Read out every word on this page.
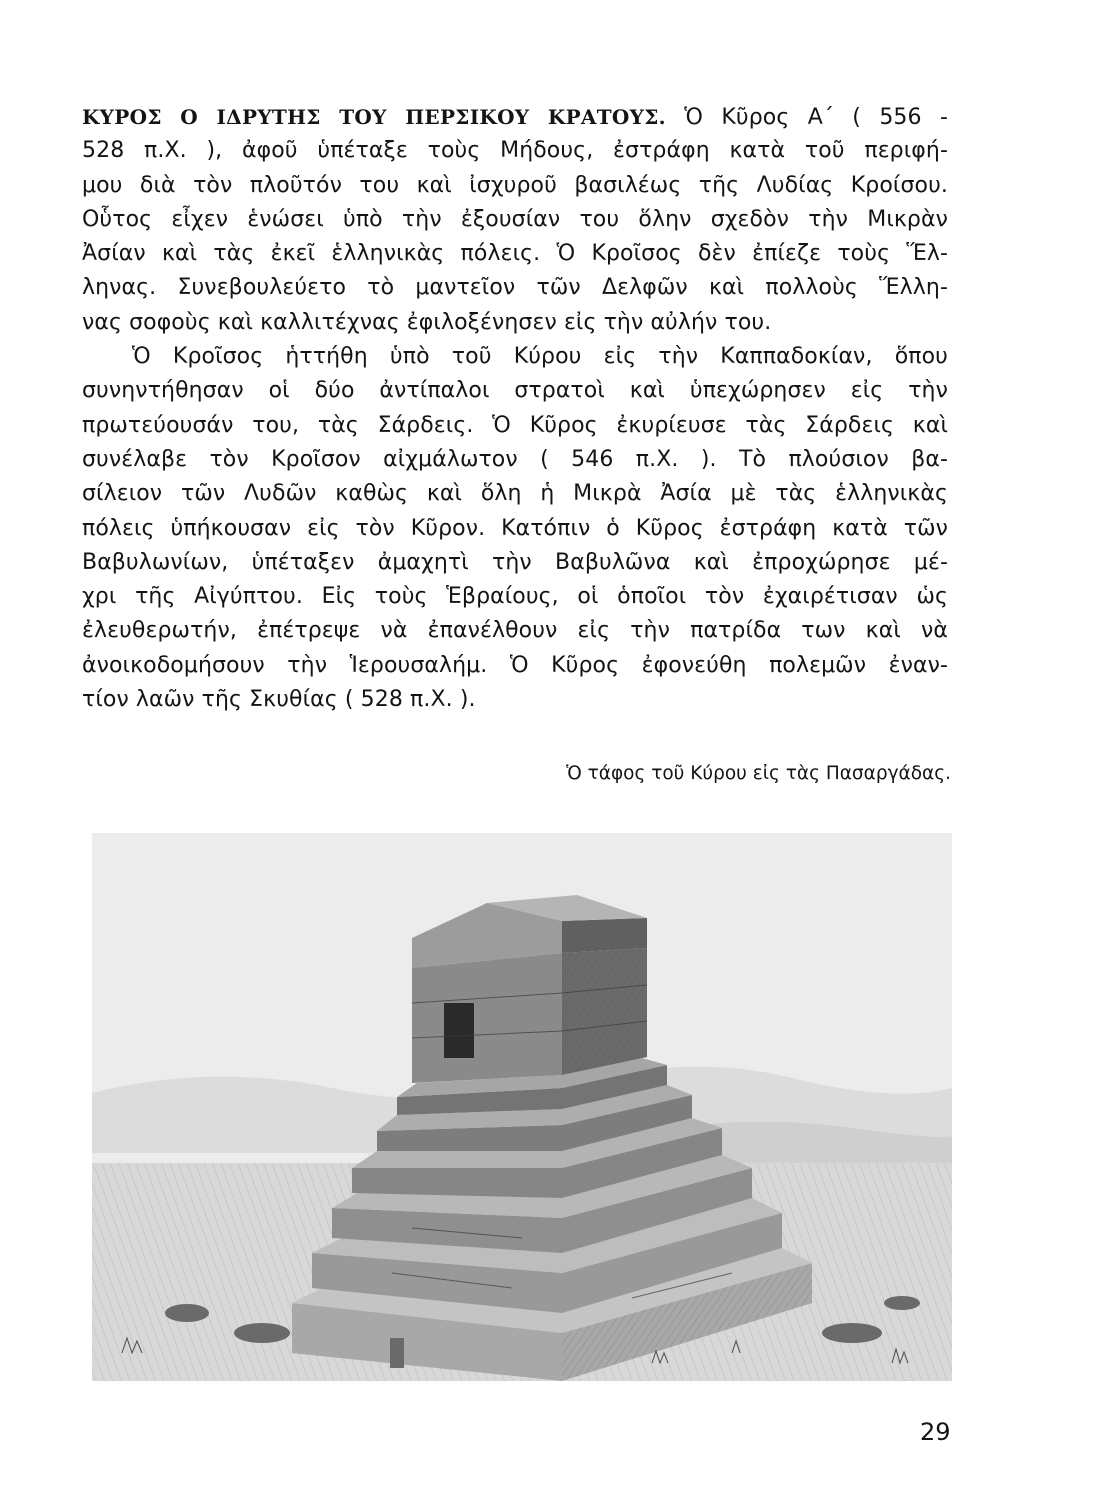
ΚΥΡΟΣ Ο ΙΔΡΥΤΗΣ ΤΟΥ ΠΕΡΣΙΚΟΥ ΚΡΑΤΟΥΣ. Ὁ Κῦρος Α΄ ( 556 -
528 π.Χ. ), ἀφοῦ ὑπέταξε τοὺς Μήδους, ἐστράφη κατὰ τοῦ περιφή-
μου διὰ τὸν πλοῦτόν του καὶ ἰσχυροῦ βασιλέως τῆς Λυδίας Κροίσου.
Οὗτος εἶχεν ἑνώσει ὑπὸ τὴν ἐξουσίαν του ὅλην σχεδὸν τὴν Μικρὰν
Ἀσίαν καὶ τὰς ἐκεῖ ἑλληνικὰς πόλεις. Ὁ Κροῖσος δὲν ἐπίεζε τοὺς Ἕλ-
ληνας. Συνεβουλεύετο τὸ μαντεῖον τῶν Δελφῶν καὶ πολλοὺς Ἕλλη-
νας σοφοὺς καὶ καλλιτέχνας ἐφιλοξένησεν εἰς τὴν αὐλήν του.
Ὁ Κροῖσος ἡττήθη ὑπὸ τοῦ Κύρου εἰς τὴν Καππαδοκίαν, ὅπου
συνηντήθησαν οἱ δύο ἀντίπαλοι στρατοὶ καὶ ὑπεχώρησεν εἰς τὴν
πρωτεύουσάν του, τὰς Σάρδεις. Ὁ Κῦρος ἐκυρίευσε τὰς Σάρδεις καὶ
συνέλαβε τὸν Κροῖσον αἰχμάλωτον ( 546 π.Χ. ). Τὸ πλούσιον βα-
σίλειον τῶν Λυδῶν καθὼς καὶ ὅλη ἡ Μικρὰ Ἀσία μὲ τὰς ἑλληνικὰς
πόλεις ὑπήκουσαν εἰς τὸν Κῦρον. Κατόπιν ὁ Κῦρος ἐστράφη κατὰ τῶν
Βαβυλωνίων, ὑπέταξεν ἀμαχητὶ τὴν Βαβυλῶνα καὶ ἐπροχώρησε μέ-
χρι τῆς Αἰγύπτου. Εἰς τοὺς Ἑβραίους, οἱ ὁποῖοι τὸν ἐχαιρέτισαν ὡς
ἐλευθερωτήν, ἐπέτρεψε νὰ ἐπανέλθουν εἰς τὴν πατρίδα των καὶ νὰ
ἀνοικοδομήσουν τὴν Ἱερουσαλήμ. Ὁ Κῦρος ἐφονεύθη πολεμῶν ἐναν-
τίον λαῶν τῆς Σκυθίας ( 528 π.Χ. ).
Ὁ τάφος τοῦ Κύρου εἰς τὰς Πασαργάδας.
29
